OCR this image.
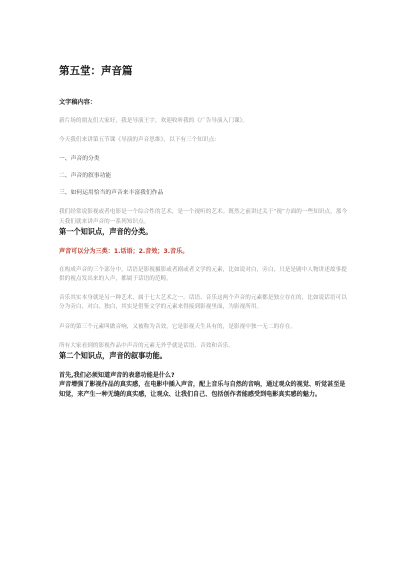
第五堂：声音篇
文字稿内容：

新片场的朋友们大家好，我是导演王宇，欢迎收听我的《广告导演入门课》。

今天我们来讲第五节课《导演的声音思维》，以下有三个知识点：

一、声音的分类
二、声音的叙事功能
三、如何运用恰当的声音来丰富我们作品

我们经常说影视或者电影是一个综合性的艺术，是一个视听的艺术。既然之前讲过关于“视”方面的一些知识点，那今天我们就来讲声音的一系列知识点。

第一个知识点，声音的分类。
声音可以分为三类：1.话语；2.音效；3.音乐。

在构成声音的三个部分中，话语是影视摄影或者剧或者文学的元素，比如说对白，旁白，只是是剧中人物讲述故事提供的视点发出来的人声，都属于话语的范畴。

音乐其实本身就是另一种艺术，属于七大艺术之一。话语、音乐这两个声音的元素都是独立存在的，比如说话语可以分为旁白、对白、独白，其实是借鉴文学的元素来得接到影视里面，为影视所用。

声音的第三个元素叫做音响，又被称为音效，它是影视天生具有的，是影视中独一无二的存在。

所有大家看到的影视作品中声音的元素无外乎就是话语、音效和音乐。

第二个知识点，声音的叙事功能。
首先,我们必须知道声音的表意功能是什么?

声音增强了影视作品的真实感，在电影中插入声音，配上音乐与自然的音响，通过观众的视觉、听觉甚至是知觉，来产生一种无缝的真实感，让观众、让我们自己、包括创作者能感受到电影真实感的魅力。
